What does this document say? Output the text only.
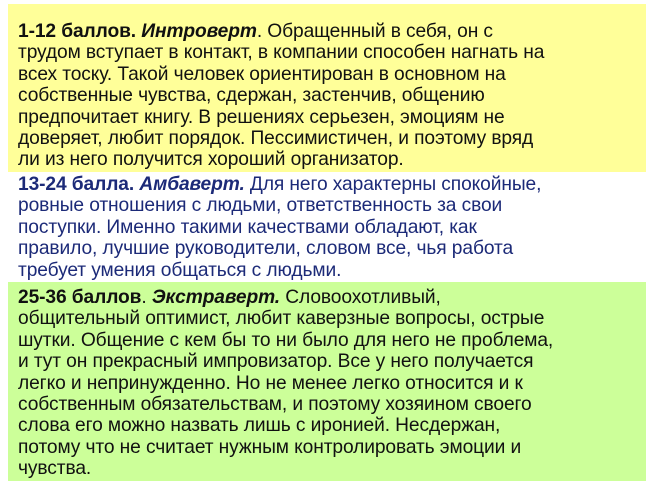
1-12 баллов. Интроверт. Обращенный в себя, он с
трудом вступает в контакт, в компании способен нагнать на
всех тоску. Такой человек ориентирован в основном на
собственные чувства, сдержан, застенчив, общению
предпочитает книгу. В решениях серьезен, эмоциям не
доверяет, любит порядок. Пессимистичен, и поэтому вряд
ли из него получится хороший организатор.
13-24 балла. Амбаверт. Для него характерны спокойные,
ровные отношения с людьми, ответственность за свои
поступки. Именно такими качествами обладают, как
правило, лучшие руководители, словом все, чья работа
требует умения общаться с людьми.
25-36 баллов. Экстраверт. Словоохотливый,
общительный оптимист, любит каверзные вопросы, острые
шутки. Общение с кем бы то ни было для него не проблема,
и тут он прекрасный импровизатор. Все у него получается
легко и непринужденно. Но не менее легко относится и к
собственным обязательствам, и поэтому хозяином своего
слова его можно назвать лишь с иронией. Несдержан,
потому что не считает нужным контролировать эмоции и
чувства.
